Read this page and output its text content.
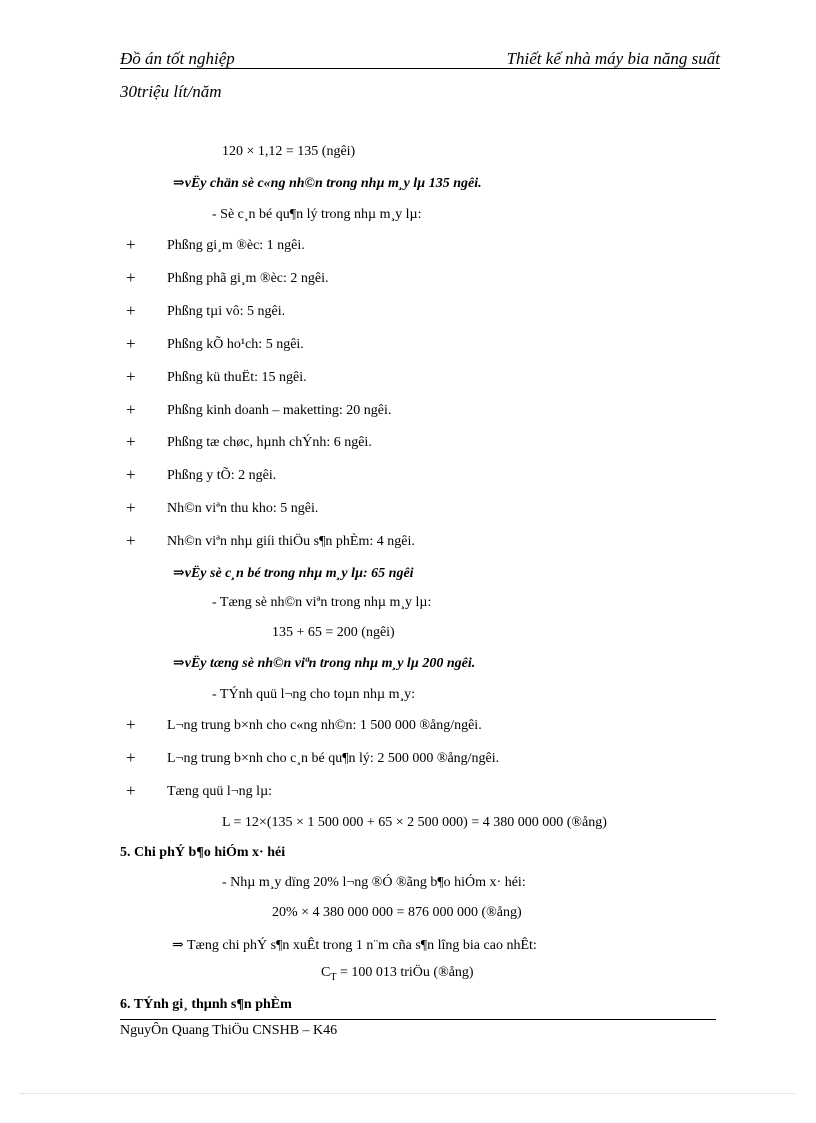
Đồ án tốt nghiệp	Thiết kế nhà máy bia năng suất
30triệu lít/năm
120 × 1,12 = 135 (ngêi)
⇒vËy chän sè c«ng nh©n trong nhµ m¸y lµ 135 ngêi.
- Sè c¸n bé qu¶n lý trong nhµ m¸y lµ:
+ Phßng gi¸m ®èc: 1 ngêi.
+ Phßng phã gi¸m ®èc: 2 ngêi.
+ Phßng tµi vô: 5 ngêi.
+ Phßng kÕ ho¹ch: 5 ngêi.
+ Phßng kü thuËt: 15 ngêi.
+ Phßng kinh doanh – maketting: 20 ngêi.
+ Phßng tæ chøc, hµnh chÝnh: 6 ngêi.
+ Phßng y tÕ: 2 ngêi.
+ Nh©n viªn thu kho: 5 ngêi.
+ Nh©n viªn nhµ giíi thiÖu s¶n phÈm: 4 ngêi.
⇒vËy sè c¸n bé trong nhµ m¸y lµ: 65 ngêi
- Tæng sè nh©n viªn trong nhµ m¸y lµ:
135 + 65 = 200 (ngêi)
⇒vËy tæng sè nh©n viªn trong nhµ m¸y lµ 200 ngêi.
- TÝnh quü l¬ng cho toµn nhµ m¸y:
+ L¬ng trung b×nh cho c«ng nh©n: 1 500 000 ®ång/ngêi.
+ L¬ng trung b×nh cho c¸n bé qu¶n lý: 2 500 000 ®ång/ngêi.
+ Tæng quü l¬ng lµ:
L = 12×(135 × 1 500 000 + 65 × 2 500 000) = 4 380 000 000 (®ång)
5. Chi phÝ b¶o hiÓm x· héi
- Nhµ m¸y dïng 20% l¬ng ®Ó ®ãng b¶o hiÓm x· héi:
20% × 4 380 000 000 = 876 000 000 (®ång)
⇒ Tæng chi phÝ s¶n xuÊt trong 1 n¨m cña s¶n lîng bia cao nhÊt:
$C_T = 100$ 013 triÖu (®ång)
6. TÝnh gi¸ thµnh s¶n phÈm
NguyÔn Quang ThiÖu CNSHB – K46
